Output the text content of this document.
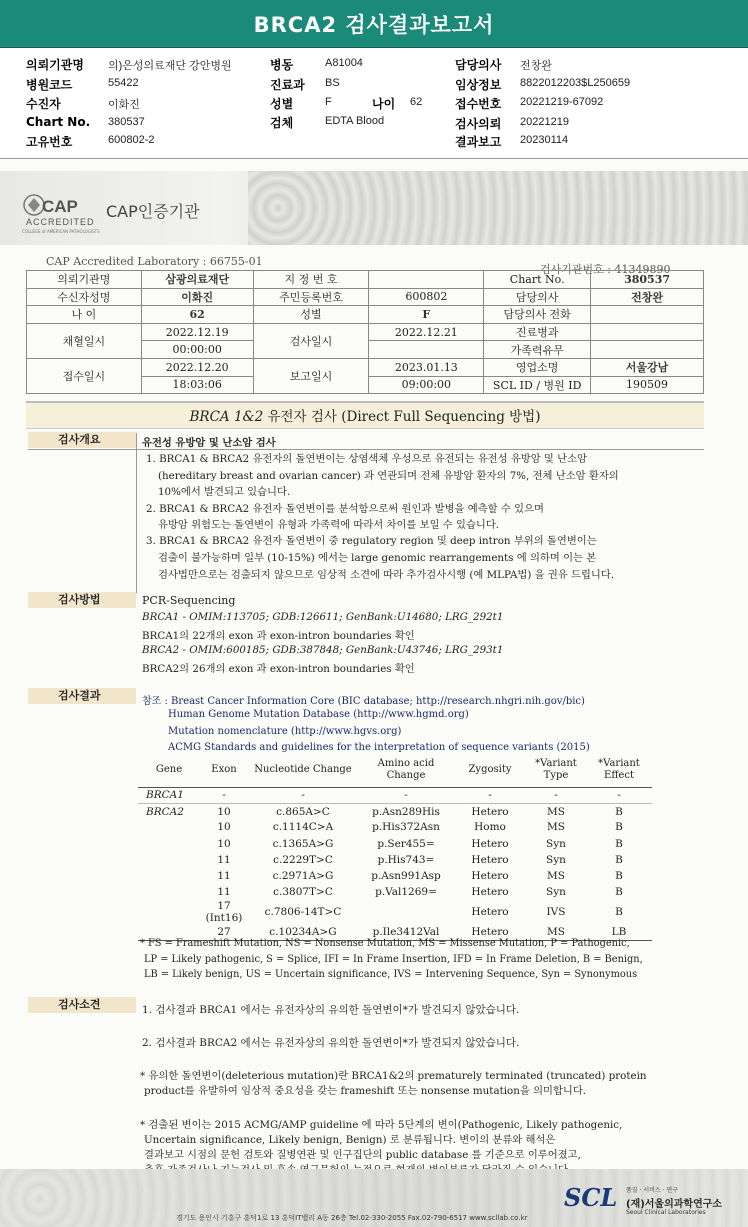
BRCA2 검사결과보고서
의뢰기관명 의)은성의료재단 강안병원
병원코드	55422
수진자	이화진
Chart No. 380537
고유번호	600802-2
병동	A81004
진료과 BS
성별	F	나이 62
검체	EDTA Blood
담당의사 전창완
임상정보 8822012203$L250659
접수번호 20221219-67092
검사의뢰 20221219
결과보고 20230114
CAP
ACCREDITED
COLLEGE of AMERICAN PATHOLOGISTS
CAP인증기관
CAP Accredited Laboratory : 66755-01
검사기관번호 : 41349890
의뢰기관명	삼광의료재단	지 정 번 호		Chart No.	380537
수신자성명	이화진	주민등록번호	600802	담당의사	전창완
나 이	62	성별	F	담당의사 전화	
채혈일시	2022.12.19	검사일시	2022.12.21	진료병과	
	00:00:00			가족력유무	
접수일시	2022.12.20	보고일시	2023.01.13	영업소명	서울강남
	18:03:06		09:00:00	SCL ID / 병원 ID	190509
BRCA 1&2 유전자 검사 (Direct Full Sequencing 방법)
검사개요	유전성 유방암 및 난소암 검사
1. BRCA1 & BRCA2 유전자의 돌연변이는 상염색체 우성으로 유전되는 유전성 유방암 및 난소암
(hereditary breast and ovarian cancer) 과 연관되며 전체 유방암 환자의 7%, 전체 난소암 환자의
10%에서 발견되고 있습니다.
2. BRCA1 & BRCA2 유전자 돌연변이를 분석함으로써 원인과 발병을 예측할 수 있으며
유방암 위험도는 돌연변이 유형과 가족력에 따라서 차이를 보일 수 있습니다.
3. BRCA1 & BRCA2 유전자 돌연변이 중 regulatory region 및 deep intron 부위의 돌연변이는
검출이 불가능하며 일부 (10-15%) 에서는 large genomic rearrangements 에 의하며 이는 본
검사법만으로는 검출되지 않으므로 임상적 소견에 따라 추가검사시행 (예 MLPA법) 을 권유 드립니다.
검사방법	PCR-Sequencing
BRCA1 - OMIM:113705; GDB:126611; GenBank:U14680; LRG_292t1
BRCA1의 22개의 exon 과 exon-intron boundaries 확인
BRCA2 - OMIM:600185; GDB:387848; GenBank:U43746; LRG_293t1
BRCA2의 26개의 exon 과 exon-intron boundaries 확인
검사결과	참조 : Breast Cancer Information Core (BIC database; http://research.nhgri.nih.gov/bic)
Human Genome Mutation Database (http://www.hgmd.org)
Mutation nomenclature (http://www.hgvs.org)
ACMG Standards and guidelines for the interpretation of sequence variants (2015)
Gene	Exon	Nucleotide Change	Amino acid Change	Zygosity	*Variant Type	*Variant Effect
BRCA1	-	-	-	-	-	-
BRCA2	10	c.865A>C	p.Asn289His	Hetero	MS	B
	10	c.1114C>A	p.His372Asn	Homo	MS	B
	10	c.1365A>G	p.Ser455=	Hetero	Syn	B
	11	c.2229T>C	p.His743=	Hetero	Syn	B
	11	c.2971A>G	p.Asn991Asp	Hetero	MS	B
	11	c.3807T>C	p.Val1269=	Hetero	Syn	B
	17 (Int16)	c.7806-14T>C		Hetero	IVS	B
	27	c.10234A>G	p.Ile3412Val	Hetero	MS	LB
* FS = Frameshift Mutation, NS = Nonsense Mutation, MS = Missense Mutation, P = Pathogenic,
LP = Likely pathogenic, S = Splice, IFI = In Frame Insertion, IFD = In Frame Deletion, B = Benign,
LB = Likely benign, US = Uncertain significance, IVS = Intervening Sequence, Syn = Synonymous
검사소견	1. 검사결과 BRCA1 에서는 유전자상의 유의한 돌연변이*가 발견되지 않았습니다.
2. 검사결과 BRCA2 에서는 유전자상의 유의한 돌연변이*가 발견되지 않았습니다.
* 유의한 돌연변이(deleterious mutation)란 BRCA1&2의 prematurely terminated (truncated) protein
product를 유발하여 임상적 중요성을 갖는 frameshift 또는 nonsense mutation을 의미합니다.
* 검출된 변이는 2015 ACMG/AMP guideline 에 따라 5단계의 변이(Pathogenic, Likely pathogenic,
Uncertain significance, Likely benign, Benign) 로 분류됩니다. 변이의 분류와 해석은
결과보고 시점의 문헌 검토와 질병연관 및 인구집단의 public database 를 기준으로 이루어졌고,
경기도 용인시 기흥구 흥덕1로 13 흥덕IT밸리 A동 26층 Tel.02-330-2055 Fax.02-790-6517 www.scllab.co.kr
SCL 품질 · 서비스 · 연구
(재)서울의과학연구소
Seoul Clinical Laboratories
